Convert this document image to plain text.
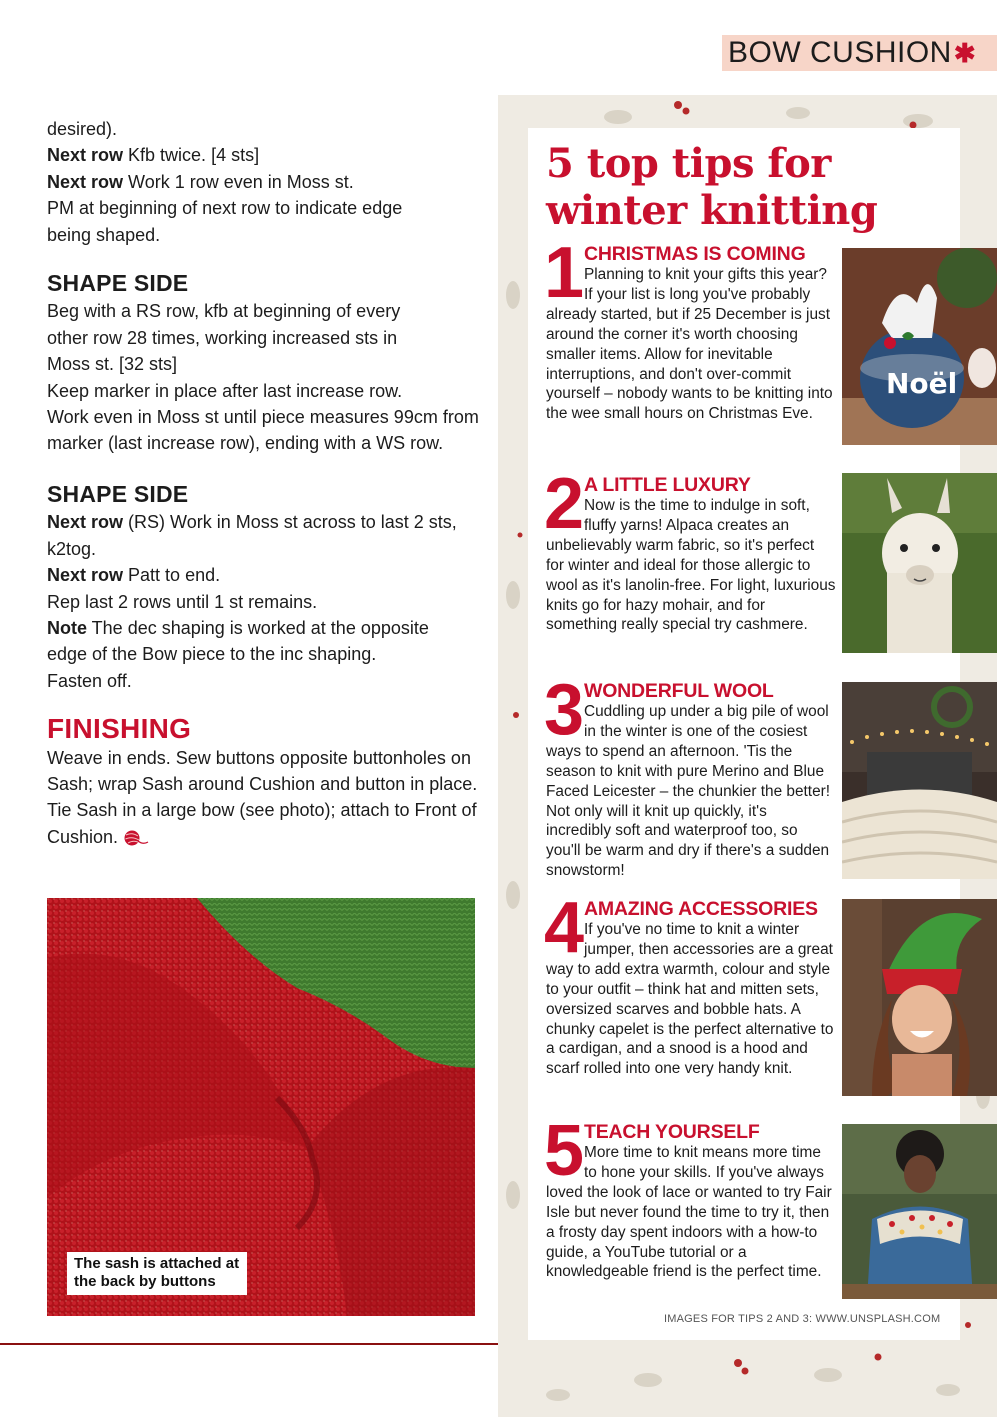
BOW CUSHION ✱

desired).

Next row Kfb twice. [4 sts]

Next row Work 1 row even in Moss st.

PM at beginning of next row to indicate edge being shaped.

SHAPE SIDE

Beg with a RS row, kfb at beginning of every other row 28 times, working increased sts in Moss st. [32 sts]

Keep marker in place after last increase row.

Work even in Moss st until piece measures 99cm from marker (last increase row), ending with a WS row.

SHAPE SIDE

Next row (RS) Work in Moss st across to last 2 sts, k2tog.

Next row Patt to end.

Rep last 2 rows until 1 st remains.

Note The dec shaping is worked at the opposite edge of the Bow piece to the inc shaping.

Fasten off.

FINISHING

Weave in ends. Sew buttons opposite buttonholes on Sash; wrap Sash around Cushion and button in place. Tie Sash in a large bow (see photo); attach to Front of Cushion.

The sash is attached at
the back by buttons
5 top tips for
winter knitting
1 CHRISTMAS IS COMING
Planning to knit your gifts this year? If your list is long you've probably already started, but if 25 December is just around the corner it's worth choosing smaller items. Allow for inevitable interruptions, and don't over-commit yourself – nobody wants to be knitting into the wee small hours on Christmas Eve.
Noël
2 A LITTLE LUXURY
Now is the time to indulge in soft, fluffy yarns! Alpaca creates an unbelievably warm fabric, so it's perfect for winter and ideal for those allergic to wool as it's lanolin-free. For light, luxurious knits go for hazy mohair, and for something really special try cashmere.
3 WONDERFUL WOOL
Cuddling up under a big pile of wool in the winter is one of the cosiest ways to spend an afternoon. 'Tis the season to knit with pure Merino and Blue Faced Leicester – the chunkier the better! Not only will it knit up quickly, it's incredibly soft and waterproof too, so you'll be warm and dry if there's a sudden snowstorm!
4 AMAZING ACCESSORIES
If you've no time to knit a winter jumper, then accessories are a great way to add extra warmth, colour and style to your outfit – think hat and mitten sets, oversized scarves and bobble hats. A chunky capelet is the perfect alternative to a cardigan, and a snood is a hood and scarf rolled into one very handy knit.
5 TEACH YOURSELF
More time to knit means more time to hone your skills. If you've always loved the look of lace or wanted to try Fair Isle but never found the time to try it, then a frosty day spent indoors with a how-to guide, a YouTube tutorial or a knowledgeable friend is the perfect time.
IMAGES FOR TIPS 2 AND 3: WWW.UNSPLASH.COM
